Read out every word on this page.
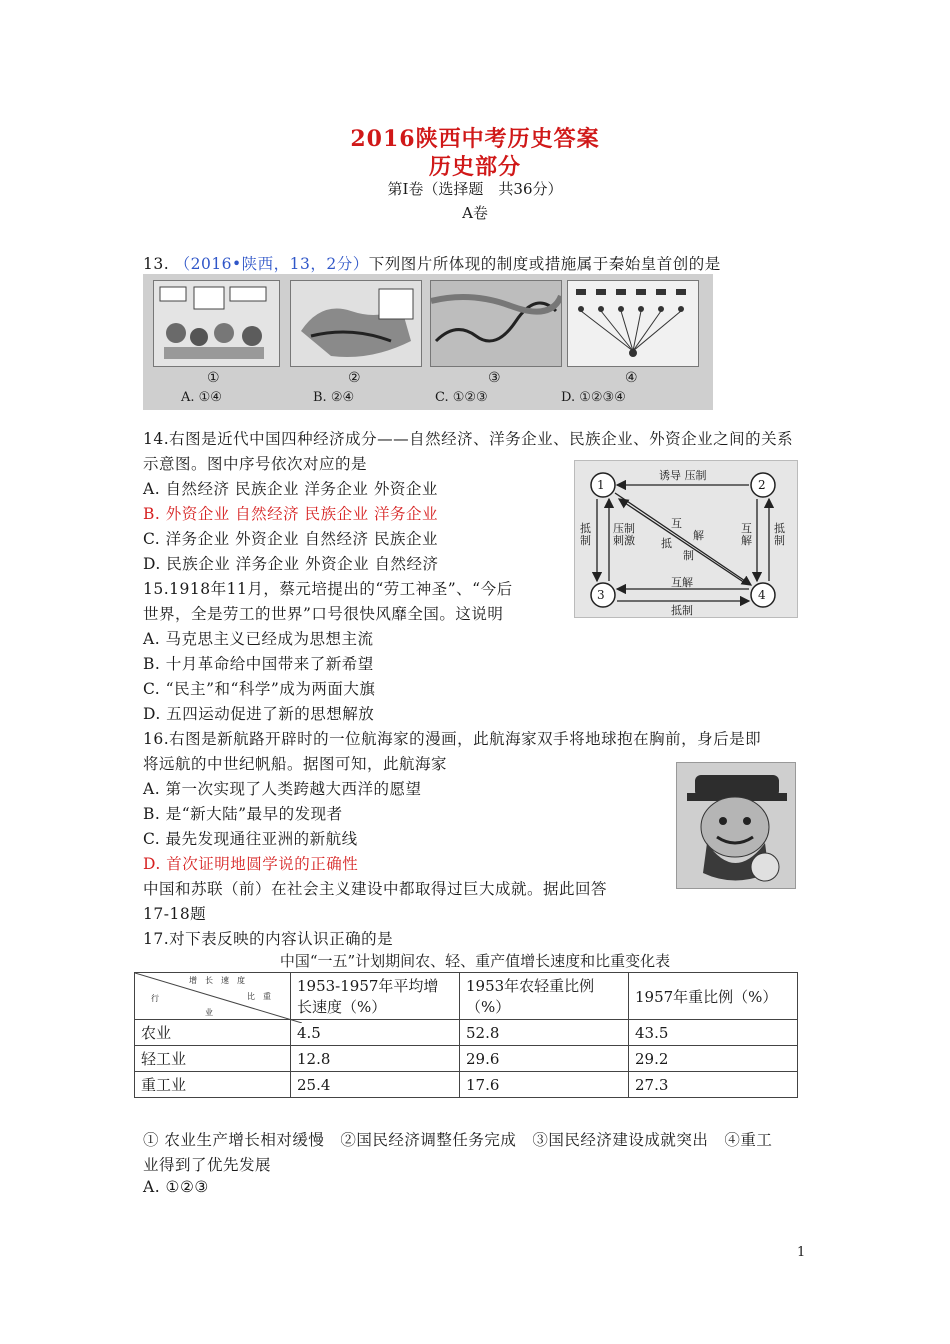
2016陕西中考历史答案
历史部分
第Ⅰ卷（选择题　共36分）
A卷
13. （2016•陕西，13，2分）下列图片所体现的制度或措施属于秦始皇首创的是
①	②	③	④
A. ①④	B. ②④	C. ①②③	D. ①②③④
14.右图是近代中国四种经济成分——自然经济、洋务企业、民族企业、外资企业之间的关系
示意图。图中序号依次对应的是
A. 自然经济 民族企业 洋务企业 外资企业
B. 外资企业 自然经济 民族企业 洋务企业
C. 洋务企业 外资企业 自然经济 民族企业
D. 民族企业 洋务企业 外资企业 自然经济
1	2
3	4
诱导 压制
抵制
压制刺激
互解
抵制
互
解
抵
制
互解
抵制
15.1918年11月，蔡元培提出的“劳工神圣”、“今后
世界，全是劳工的世界”口号很快风靡全国。这说明
A. 马克思主义已经成为思想主流
B. 十月革命给中国带来了新希望
C. “民主”和“科学”成为两面大旗
D. 五四运动促进了新的思想解放
16.右图是新航路开辟时的一位航海家的漫画，此航海家双手将地球抱在胸前，身后是即
将远航的中世纪帆船。据图可知，此航海家
A. 第一次实现了人类跨越大西洋的愿望
B. 是“新大陆”最早的发现者
C. 最先发现通往亚洲的新航线
D. 首次证明地圆学说的正确性
中国和苏联（前）在社会主义建设中都取得过巨大成就。据此回答
17-18题
17.对下表反映的内容认识正确的是
中国“一五”计划期间农、轻、重产值增长速度和比重变化表
增　长　速　度
比　重
行
业	1953-1957年平均增长速度（%）	1953年农轻重比例（%）	1957年重比例（%）
农业	4.5	52.8	43.5
轻工业	12.8	29.6	29.2
重工业	25.4	17.6	27.3
① 农业生产增长相对缓慢　②国民经济调整任务完成　③国民经济建设成就突出　④重工
业得到了优先发展
A. ①②③
1
